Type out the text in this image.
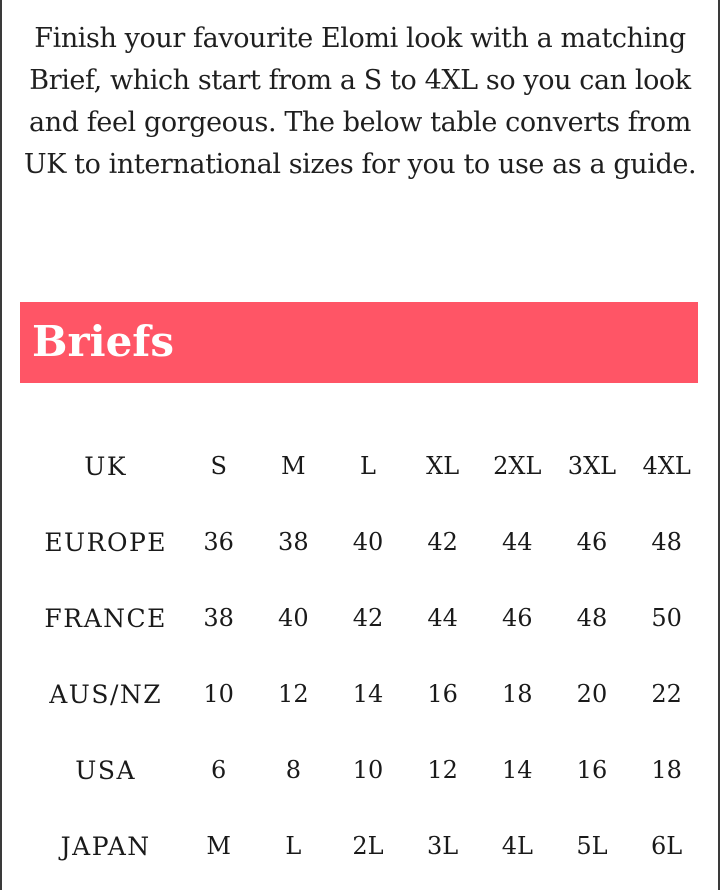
Finish your favourite Elomi look with a matching Brief, which start from a S to 4XL so you can look and feel gorgeous. The below table converts from UK to international sizes for you to use as a guide.

Briefs
UK	S	M	L	XL	2XL	3XL	4XL
EUROPE	36	38	40	42	44	46	48
FRANCE	38	40	42	44	46	48	50
AUS/NZ	10	12	14	16	18	20	22
USA	6	8	10	12	14	16	18
JAPAN	M	L	2L	3L	4L	5L	6L
